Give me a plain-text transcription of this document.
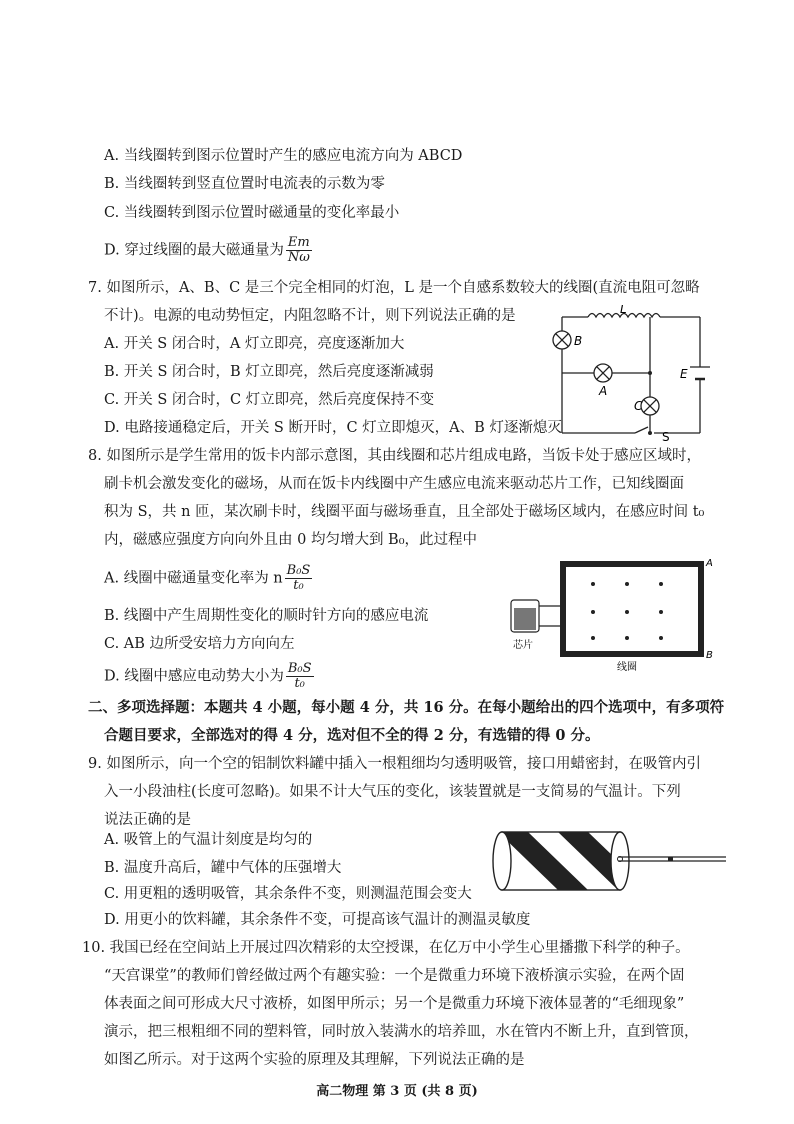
A. 当线圈转到图示位置时产生的感应电流方向为 ABCD
B. 当线圈转到竖直位置时电流表的示数为零
C. 当线圈转到图示位置时磁通量的变化率最小
D. 穿过线圈的最大磁通量为 $\frac{Em}{N\omega}$
7. 如图所示，A、B、C 是三个完全相同的灯泡，L 是一个自感系数较大的线圈(直流电阻可忽略
不计)。电源的电动势恒定，内阻忽略不计，则下列说法正确的是
A. 开关 S 闭合时，A 灯立即亮，亮度逐渐加大
B. 开关 S 闭合时，B 灯立即亮，然后亮度逐渐减弱
C. 开关 S 闭合时，C 灯立即亮，然后亮度保持不变
D. 电路接通稳定后，开关 S 断开时，C 灯立即熄灭，A、B 灯逐渐熄灭
L
B
A
C
E
S
8. 如图所示是学生常用的饭卡内部示意图，其由线圈和芯片组成电路，当饭卡处于感应区域时，
刷卡机会激发变化的磁场，从而在饭卡内线圈中产生感应电流来驱动芯片工作，已知线圈面
积为 S，共 n 匝，某次刷卡时，线圈平面与磁场垂直，且全部处于磁场区域内，在感应时间 t₀
内，磁感应强度方向向外且由 0 均匀增大到 B₀，此过程中
A. 线圈中磁通量变化率为 n $\frac{\text{B₀S}}{\text{t₀}}$
B. 线圈中产生周期性变化的顺时针方向的感应电流
C. AB 边所受安培力方向向左
D. 线圈中感应电动势大小为 $\frac{\text{B₀S}}{\text{t₀}}$
芯片
线圈
A
B
二、多项选择题：本题共 4 小题，每小题 4 分，共 16 分。在每小题给出的四个选项中，有多项符
合题目要求，全部选对的得 4 分，选对但不全的得 2 分，有选错的得 0 分。
9. 如图所示，向一个空的铝制饮料罐中插入一根粗细均匀透明吸管，接口用蜡密封，在吸管内引
入一小段油柱(长度可忽略)。如果不计大气压的变化，该装置就是一支简易的气温计。下列
说法正确的是
A. 吸管上的气温计刻度是均匀的
B. 温度升高后，罐中气体的压强增大
C. 用更粗的透明吸管，其余条件不变，则测温范围会变大
D. 用更小的饮料罐，其余条件不变，可提高该气温计的测温灵敏度
10. 我国已经在空间站上开展过四次精彩的太空授课，在亿万中小学生心里播撒下科学的种子。
“天宫课堂”的教师们曾经做过两个有趣实验：一个是微重力环境下液桥演示实验，在两个固
体表面之间可形成大尺寸液桥，如图甲所示；另一个是微重力环境下液体显著的“毛细现象”
演示，把三根粗细不同的塑料管，同时放入装满水的培养皿，水在管内不断上升，直到管顶，
如图乙所示。对于这两个实验的原理及其理解，下列说法正确的是
高二物理 第 3 页 (共 8 页)
